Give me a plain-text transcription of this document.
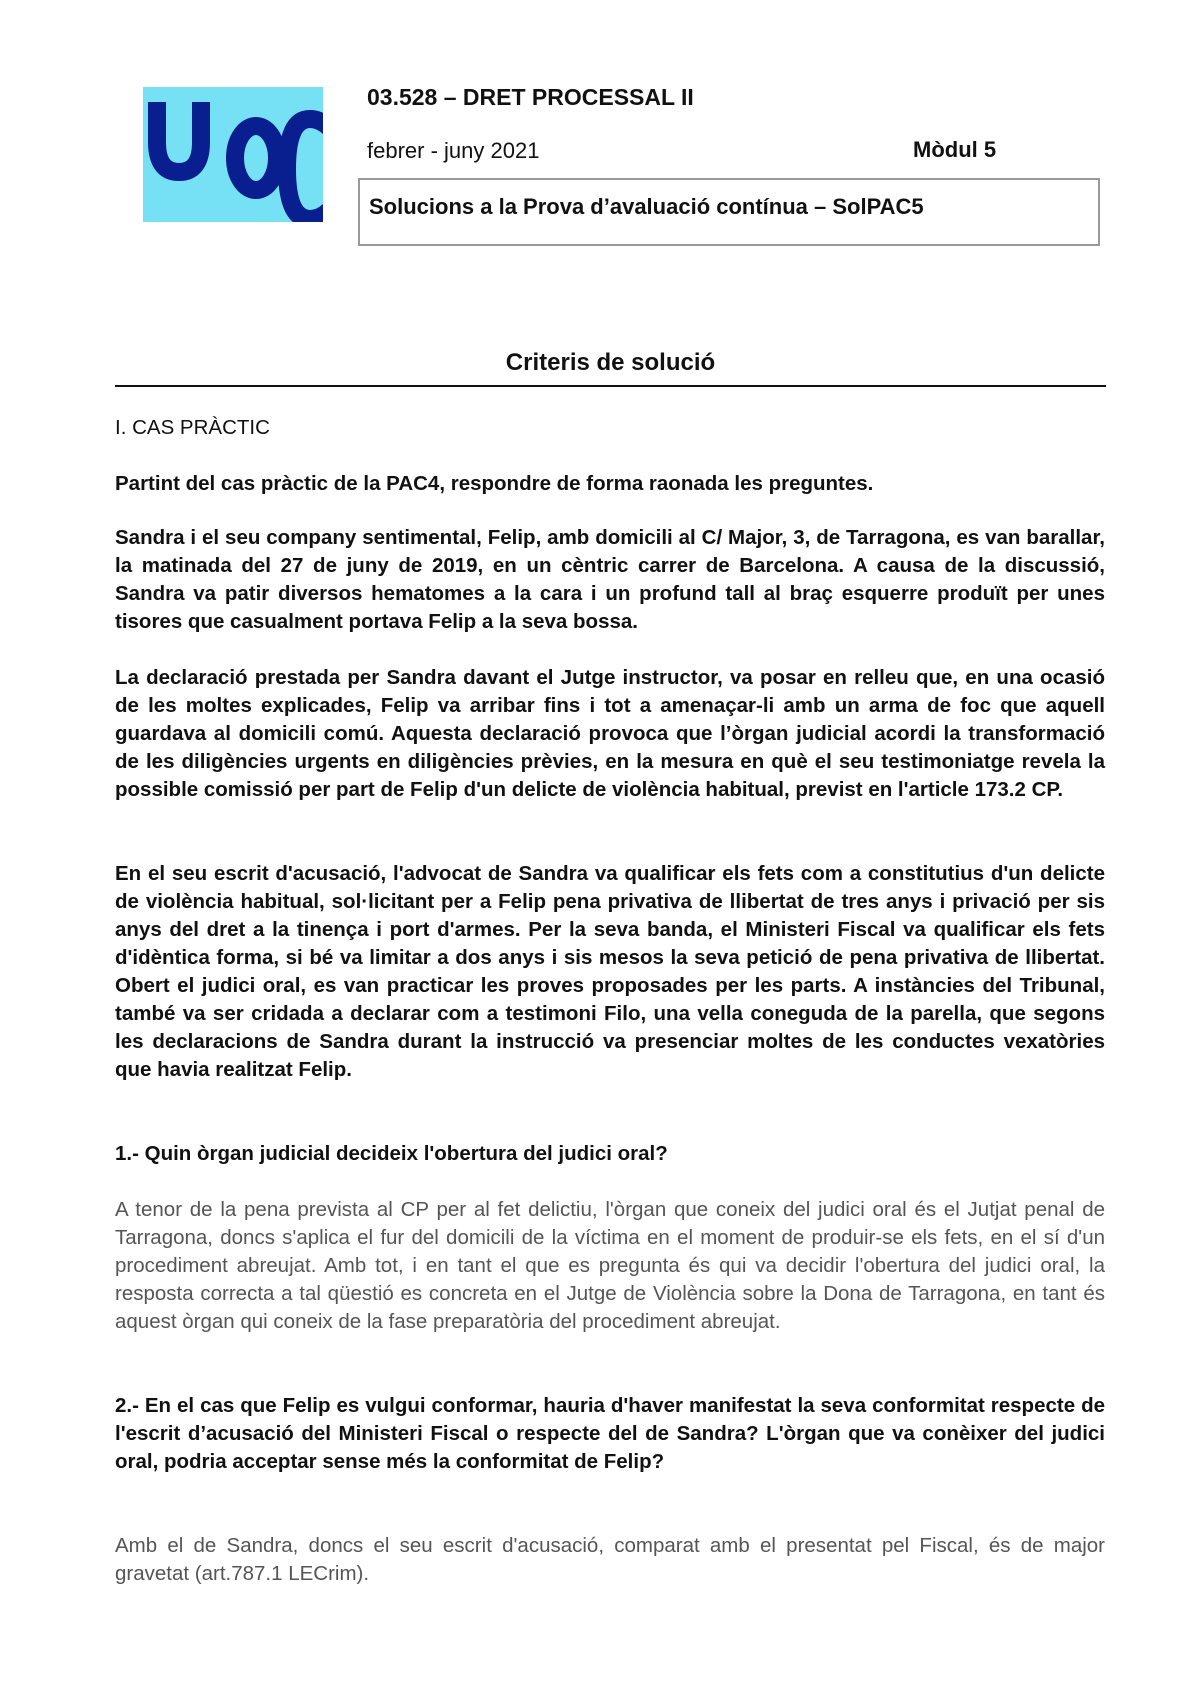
03.528 – DRET PROCESSAL II
febrer - juny 2021	Mòdul 5
Solucions a la Prova d’avaluació contínua – SolPAC5
Criteris de solució

I. CAS PRÀCTIC

Partint del cas pràctic de la PAC4, respondre de forma raonada les preguntes.

Sandra i el seu company sentimental, Felip, amb domicili al C/ Major, 3, de Tarragona, es van barallar, la matinada del 27 de juny de 2019, en un cèntric carrer de Barcelona. A causa de la discussió, Sandra va patir diversos hematomes a la cara i un profund tall al braç esquerre produït per unes tisores que casualment portava Felip a la seva bossa.

La declaració prestada per Sandra davant el Jutge instructor, va posar en relleu que, en una ocasió de les moltes explicades, Felip va arribar fins i tot a amenaçar-li amb un arma de foc que aquell guardava al domicili comú. Aquesta declaració provoca que l’òrgan judicial acordi la transformació de les diligències urgents en diligències prèvies, en la mesura en què el seu testimoniatge revela la possible comissió per part de Felip d'un delicte de violència habitual, previst en l'article 173.2 CP.

En el seu escrit d'acusació, l'advocat de Sandra va qualificar els fets com a constitutius d'un delicte de violència habitual, sol·licitant per a Felip pena privativa de llibertat de tres anys i privació per sis anys del dret a la tinença i port d'armes. Per la seva banda, el Ministeri Fiscal va qualificar els fets d'idèntica forma, si bé va limitar a dos anys i sis mesos la seva petició de pena privativa de llibertat. Obert el judici oral, es van practicar les proves proposades per les parts. A instàncies del Tribunal, també va ser cridada a declarar com a testimoni Filo, una vella coneguda de la parella, que segons les declaracions de Sandra durant la instrucció va presenciar moltes de les conductes vexatòries que havia realitzat Felip.

1.- Quin òrgan judicial decideix l'obertura del judici oral?

A tenor de la pena prevista al CP per al fet delictiu, l'òrgan que coneix del judici oral és el Jutjat penal de Tarragona, doncs s'aplica el fur del domicili de la víctima en el moment de produir-se els fets, en el sí d'un procediment abreujat. Amb tot, i en tant el que es pregunta és qui va decidir l'obertura del judici oral, la resposta correcta a tal qüestió es concreta en el Jutge de Violència sobre la Dona de Tarragona, en tant és aquest òrgan qui coneix de la fase preparatòria del procediment abreujat.

2.- En el cas que Felip es vulgui conformar, hauria d'haver manifestat la seva conformitat respecte de l'escrit d’acusació del Ministeri Fiscal o respecte del de Sandra? L'òrgan que va conèixer del judici oral, podria acceptar sense més la conformitat de Felip?

Amb el de Sandra, doncs el seu escrit d'acusació, comparat amb el presentat pel Fiscal, és de major gravetat (art.787.1 LECrim).
